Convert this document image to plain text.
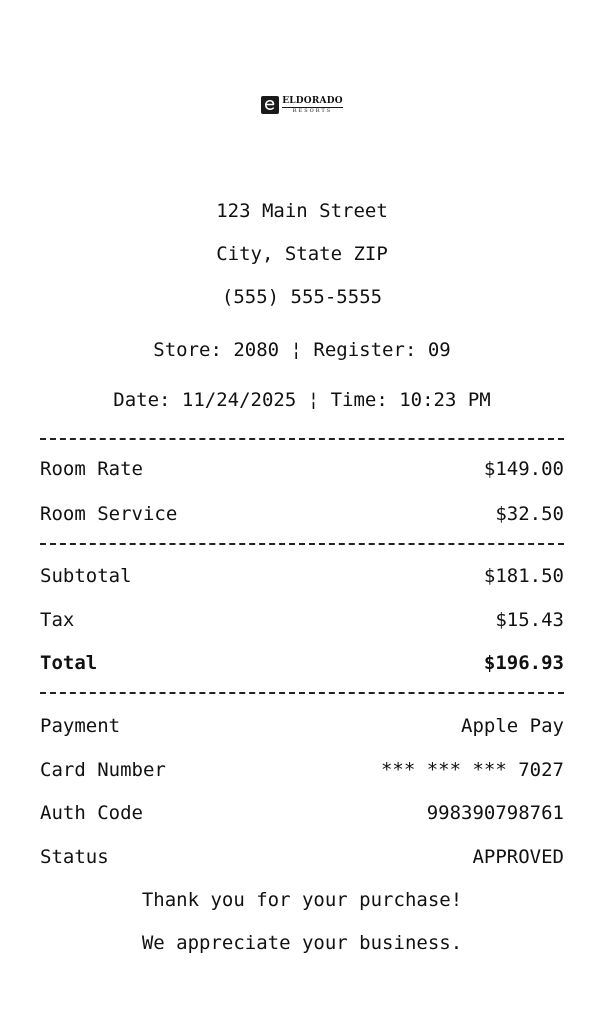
ELDORADO
RESORTS
123 Main Street
City, State ZIP
(555) 555-5555
Store: 2080 ¦ Register: 09
Date: 11/24/2025 ¦ Time: 10:23 PM
Room Rate	$149.00
Room Service	$32.50
Subtotal	$181.50
Tax	$15.43
Total	$196.93
Payment	Apple Pay
Card Number	*** *** *** 7027
Auth Code	998390798761
Status	APPROVED
Thank you for your purchase!
We appreciate your business.
